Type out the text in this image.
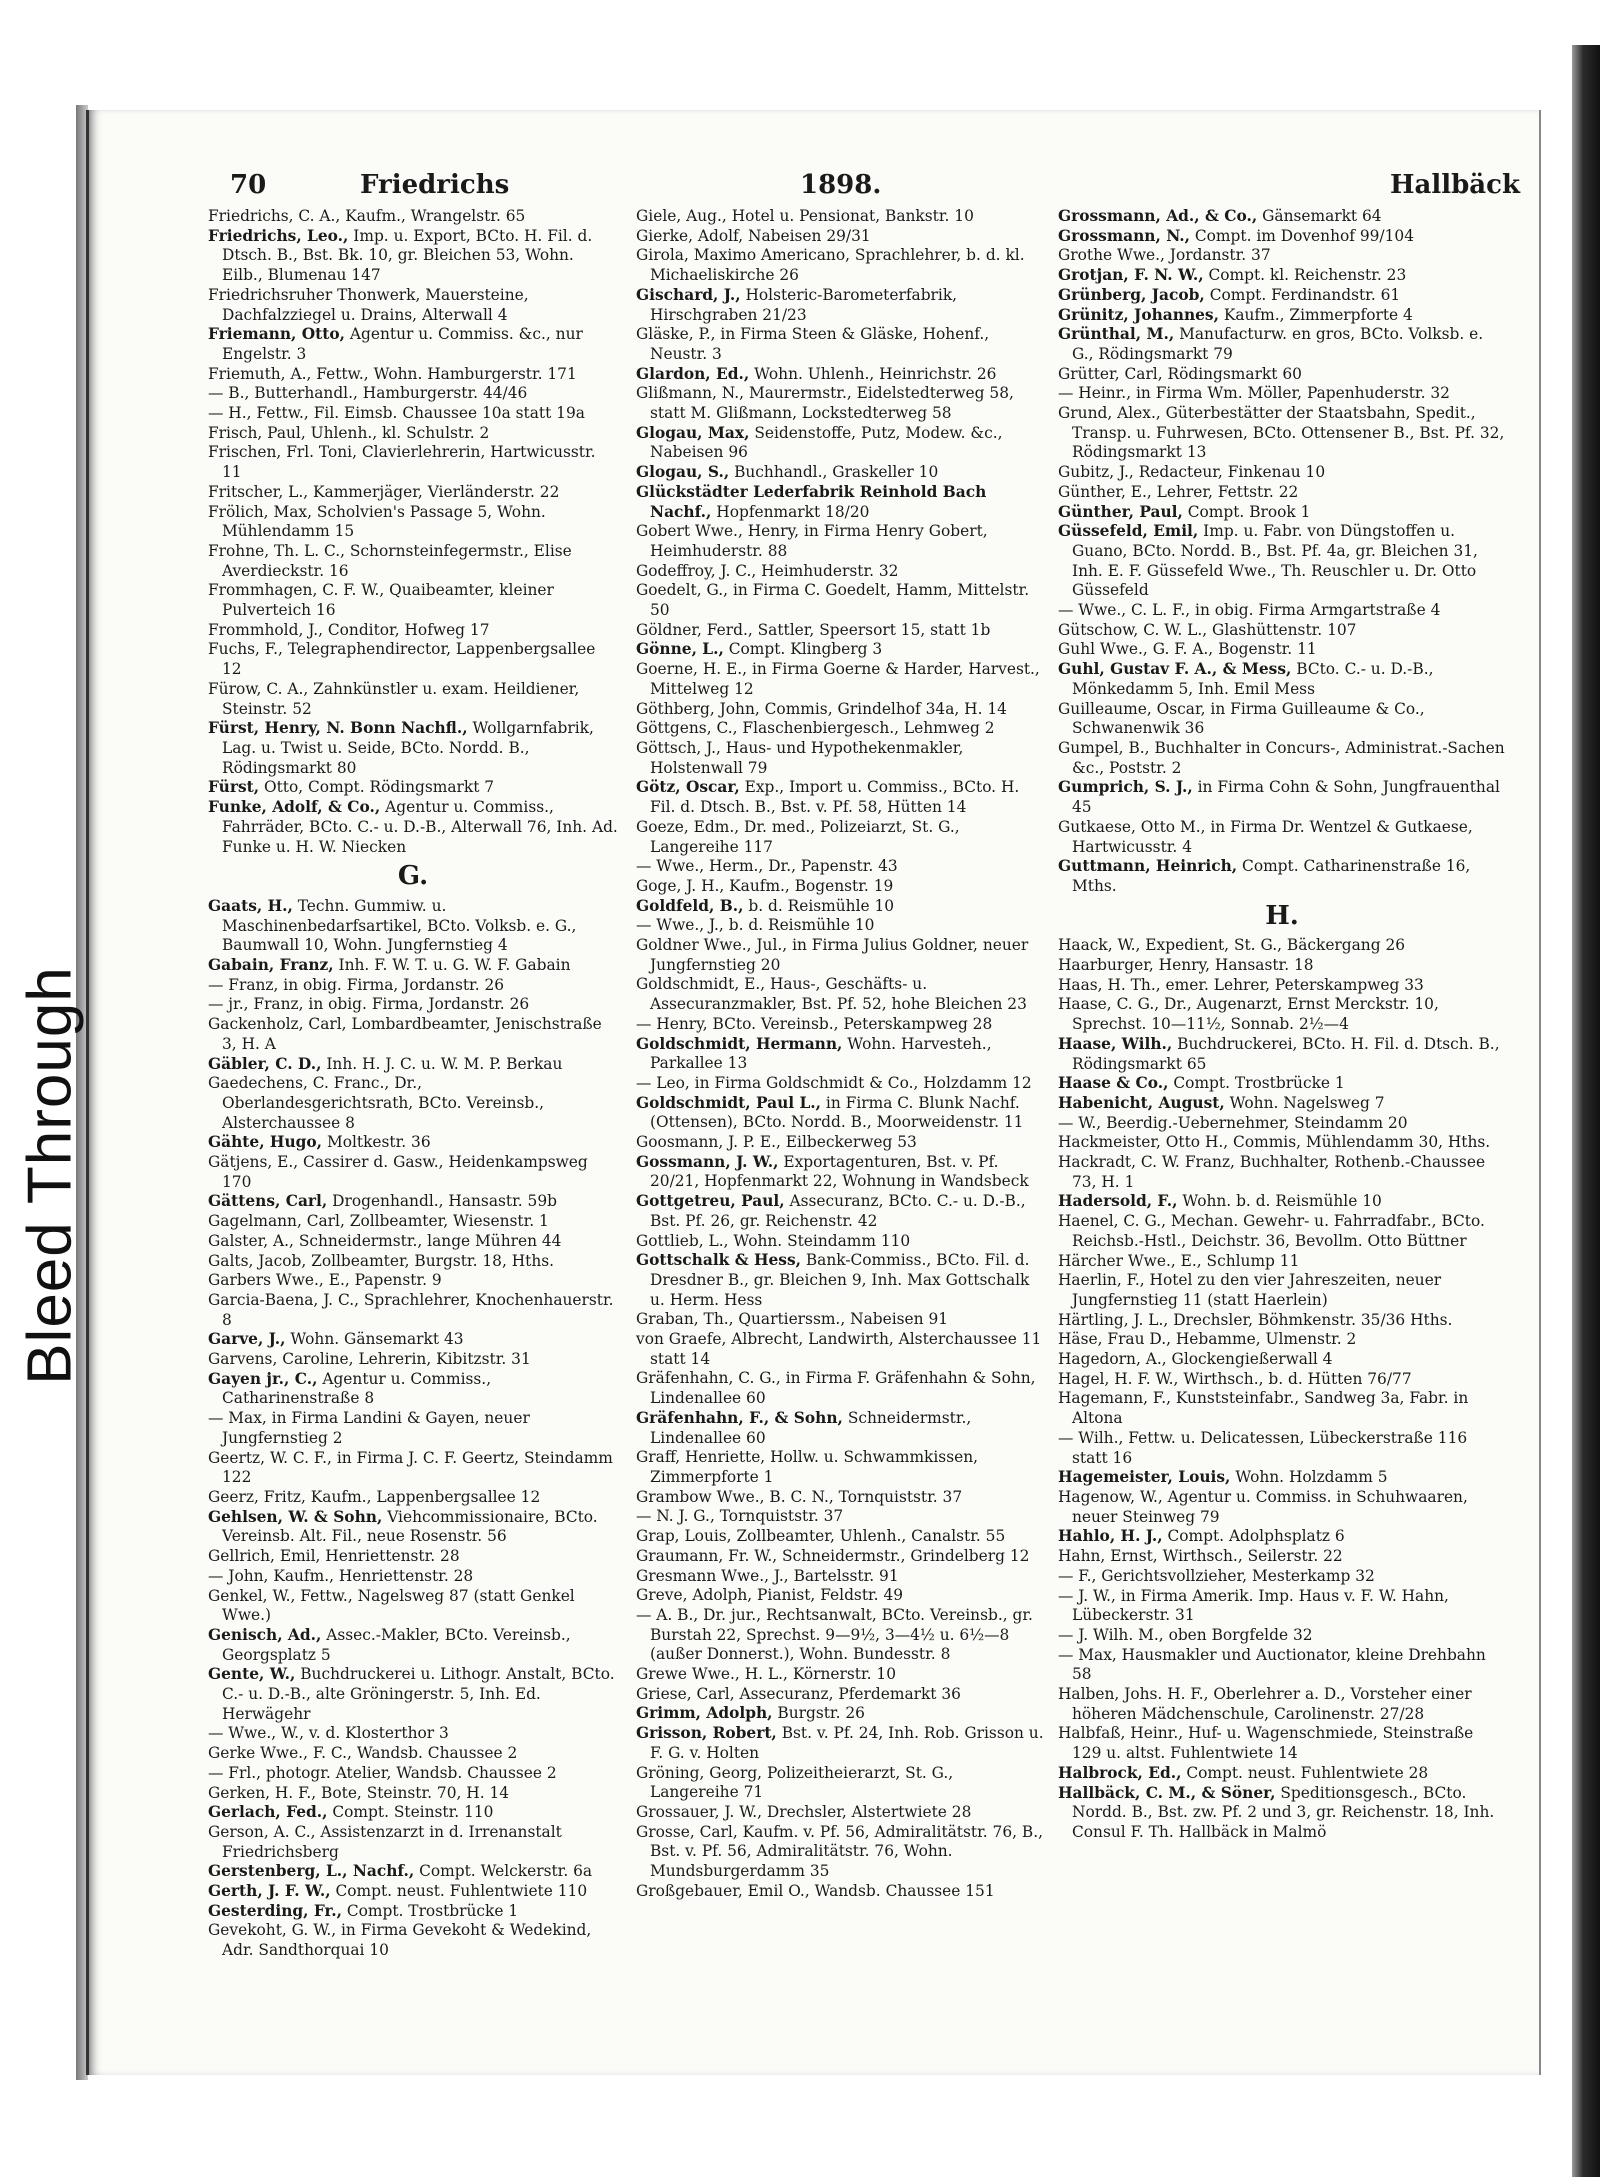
Bleed Through
70	Friedrichs	1898.	Hallbäck

Friedrichs, C. A., Kaufm., Wrangelstr. 65

Friedrichs, Leo., Imp. u. Export, BCto. H. Fil. d. Dtsch. B., Bst. Bk. 10, gr. Bleichen 53, Wohn. Eilb., Blumenau 147

Friedrichsruher Thonwerk, Mauersteine, Dachfalzziegel u. Drains, Alterwall 4

Friemann, Otto, Agentur u. Commiss. &c., nur Engelstr. 3

Friemuth, A., Fettw., Wohn. Hamburgerstr. 171

— B., Butterhandl., Hamburgerstr. 44/46

— H., Fettw., Fil. Eimsb. Chaussee 10a statt 19a

Frisch, Paul, Uhlenh., kl. Schulstr. 2

Frischen, Frl. Toni, Clavierlehrerin, Hartwicusstr. 11

Fritscher, L., Kammerjäger, Vierländerstr. 22

Frölich, Max, Scholvien's Passage 5, Wohn. Mühlendamm 15

Frohne, Th. L. C., Schornsteinfegermstr., Elise Averdieckstr. 16

Frommhagen, C. F. W., Quaibeamter, kleiner Pulverteich 16

Frommhold, J., Conditor, Hofweg 17

Fuchs, F., Telegraphendirector, Lappenbergsallee 12

Fürow, C. A., Zahnkünstler u. exam. Heildiener, Steinstr. 52

Fürst, Henry, N. Bonn Nachfl., Wollgarnfabrik, Lag. u. Twist u. Seide, BCto. Nordd. B., Rödingsmarkt 80

Fürst, Otto, Compt. Rödingsmarkt 7

Funke, Adolf, & Co., Agentur u. Commiss., Fahrräder, BCto. C.- u. D.-B., Alterwall 76, Inh. Ad. Funke u. H. W. Niecken

G.

Gaats, H., Techn. Gummiw. u. Maschinenbedarfsartikel, BCto. Volksb. e. G., Baumwall 10, Wohn. Jungfernstieg 4

Gabain, Franz, Inh. F. W. T. u. G. W. F. Gabain

— Franz, in obig. Firma, Jordanstr. 26

— jr., Franz, in obig. Firma, Jordanstr. 26

Gackenholz, Carl, Lombardbeamter, Jenischstraße 3, H. A

Gäbler, C. D., Inh. H. J. C. u. W. M. P. Berkau

Gaedechens, C. Franc., Dr., Oberlandesgerichtsrath, BCto. Vereinsb., Alsterchaussee 8

Gähte, Hugo, Moltkestr. 36

Gätjens, E., Cassirer d. Gasw., Heidenkampsweg 170

Gättens, Carl, Drogenhandl., Hansastr. 59b

Gagelmann, Carl, Zollbeamter, Wiesenstr. 1

Galster, A., Schneidermstr., lange Mühren 44

Galts, Jacob, Zollbeamter, Burgstr. 18, Hths.

Garbers Wwe., E., Papenstr. 9

Garcia-Baena, J. C., Sprachlehrer, Knochenhauerstr. 8

Garve, J., Wohn. Gänsemarkt 43

Garvens, Caroline, Lehrerin, Kibitzstr. 31

Gayen jr., C., Agentur u. Commiss., Catharinenstraße 8

— Max, in Firma Landini & Gayen, neuer Jungfernstieg 2

Geertz, W. C. F., in Firma J. C. F. Geertz, Steindamm 122

Geerz, Fritz, Kaufm., Lappenbergsallee 12

Gehlsen, W. & Sohn, Viehcommissionaire, BCto. Vereinsb. Alt. Fil., neue Rosenstr. 56

Gellrich, Emil, Henriettenstr. 28

— John, Kaufm., Henriettenstr. 28

Genkel, W., Fettw., Nagelsweg 87 (statt Genkel Wwe.)

Genisch, Ad., Assec.-Makler, BCto. Vereinsb., Georgsplatz 5

Gente, W., Buchdruckerei u. Lithogr. Anstalt, BCto. C.- u. D.-B., alte Gröningerstr. 5, Inh. Ed. Herwägehr

— Wwe., W., v. d. Klosterthor 3

Gerke Wwe., F. C., Wandsb. Chaussee 2

— Frl., photogr. Atelier, Wandsb. Chaussee 2

Gerken, H. F., Bote, Steinstr. 70, H. 14

Gerlach, Fed., Compt. Steinstr. 110

Gerson, A. C., Assistenzarzt in d. Irrenanstalt Friedrichsberg

Gerstenberg, L., Nachf., Compt. Welckerstr. 6a

Gerth, J. F. W., Compt. neust. Fuhlentwiete 110

Gesterding, Fr., Compt. Trostbrücke 1

Gevekoht, G. W., in Firma Gevekoht & Wedekind, Adr. Sandthorquai 10

Giele, Aug., Hotel u. Pensionat, Bankstr. 10

Gierke, Adolf, Nabeisen 29/31

Girola, Maximo Americano, Sprachlehrer, b. d. kl. Michaeliskirche 26

Gischard, J., Holsteric-Barometerfabrik, Hirschgraben 21/23

Gläske, P., in Firma Steen & Gläske, Hohenf., Neustr. 3

Glardon, Ed., Wohn. Uhlenh., Heinrichstr. 26

Glißmann, N., Maurermstr., Eidelstedterweg 58, statt M. Glißmann, Lockstedterweg 58

Glogau, Max, Seidenstoffe, Putz, Modew. &c., Nabeisen 96

Glogau, S., Buchhandl., Graskeller 10

Glückstädter Lederfabrik Reinhold Bach Nachf., Hopfenmarkt 18/20

Gobert Wwe., Henry, in Firma Henry Gobert, Heimhuderstr. 88

Godeffroy, J. C., Heimhuderstr. 32

Goedelt, G., in Firma C. Goedelt, Hamm, Mittelstr. 50

Göldner, Ferd., Sattler, Speersort 15, statt 1b

Gönne, L., Compt. Klingberg 3

Goerne, H. E., in Firma Goerne & Harder, Harvest., Mittelweg 12

Göthberg, John, Commis, Grindelhof 34a, H. 14

Göttgens, C., Flaschenbiergesch., Lehmweg 2

Göttsch, J., Haus- und Hypothekenmakler, Holstenwall 79

Götz, Oscar, Exp., Import u. Commiss., BCto. H. Fil. d. Dtsch. B., Bst. v. Pf. 58, Hütten 14

Goeze, Edm., Dr. med., Polizeiarzt, St. G., Langereihe 117

— Wwe., Herm., Dr., Papenstr. 43

Goge, J. H., Kaufm., Bogenstr. 19

Goldfeld, B., b. d. Reismühle 10

— Wwe., J., b. d. Reismühle 10

Goldner Wwe., Jul., in Firma Julius Goldner, neuer Jungfernstieg 20

Goldschmidt, E., Haus-, Geschäfts- u. Assecuranzmakler, Bst. Pf. 52, hohe Bleichen 23

— Henry, BCto. Vereinsb., Peterskampweg 28

Goldschmidt, Hermann, Wohn. Harvesteh., Parkallee 13

— Leo, in Firma Goldschmidt & Co., Holzdamm 12

Goldschmidt, Paul L., in Firma C. Blunk Nachf. (Ottensen), BCto. Nordd. B., Moorweidenstr. 11

Goosmann, J. P. E., Eilbeckerweg 53

Gossmann, J. W., Exportagenturen, Bst. v. Pf. 20/21, Hopfenmarkt 22, Wohnung in Wandsbeck

Gottgetreu, Paul, Assecuranz, BCto. C.- u. D.-B., Bst. Pf. 26, gr. Reichenstr. 42

Gottlieb, L., Wohn. Steindamm 110

Gottschalk & Hess, Bank-Commiss., BCto. Fil. d. Dresdner B., gr. Bleichen 9, Inh. Max Gottschalk u. Herm. Hess

Graban, Th., Quartierssm., Nabeisen 91

von Graefe, Albrecht, Landwirth, Alsterchaussee 11 statt 14

Gräfenhahn, C. G., in Firma F. Gräfenhahn & Sohn, Lindenallee 60

Gräfenhahn, F., & Sohn, Schneidermstr., Lindenallee 60

Graff, Henriette, Hollw. u. Schwammkissen, Zimmerpforte 1

Grambow Wwe., B. C. N., Tornquiststr. 37

— N. J. G., Tornquiststr. 37

Grap, Louis, Zollbeamter, Uhlenh., Canalstr. 55

Graumann, Fr. W., Schneidermstr., Grindelberg 12

Gresmann Wwe., J., Bartelsstr. 91

Greve, Adolph, Pianist, Feldstr. 49

— A. B., Dr. jur., Rechtsanwalt, BCto. Vereinsb., gr. Burstah 22, Sprechst. 9—9½, 3—4½ u. 6½—8 (außer Donnerst.), Wohn. Bundesstr. 8

Grewe Wwe., H. L., Körnerstr. 10

Griese, Carl, Assecuranz, Pferdemarkt 36

Grimm, Adolph, Burgstr. 26

Grisson, Robert, Bst. v. Pf. 24, Inh. Rob. Grisson u. F. G. v. Holten

Gröning, Georg, Polizeitheierarzt, St. G., Langereihe 71

Grossauer, J. W., Drechsler, Alstertwiete 28

Grosse, Carl, Kaufm. v. Pf. 56, Admiralitätstr. 76, B., Bst. v. Pf. 56, Admiralitätstr. 76, Wohn. Mundsburgerdamm 35

Großgebauer, Emil O., Wandsb. Chaussee 151

Grossmann, Ad., & Co., Gänsemarkt 64

Grossmann, N., Compt. im Dovenhof 99/104

Grothe Wwe., Jordanstr. 37

Grotjan, F. N. W., Compt. kl. Reichenstr. 23

Grünberg, Jacob, Compt. Ferdinandstr. 61

Grünitz, Johannes, Kaufm., Zimmerpforte 4

Grünthal, M., Manufacturw. en gros, BCto. Volksb. e. G., Rödingsmarkt 79

Grütter, Carl, Rödingsmarkt 60

— Heinr., in Firma Wm. Möller, Papenhuderstr. 32

Grund, Alex., Güterbestätter der Staatsbahn, Spedit., Transp. u. Fuhrwesen, BCto. Ottensener B., Bst. Pf. 32, Rödingsmarkt 13

Gubitz, J., Redacteur, Finkenau 10

Günther, E., Lehrer, Fettstr. 22

Günther, Paul, Compt. Brook 1

Güssefeld, Emil, Imp. u. Fabr. von Düngstoffen u. Guano, BCto. Nordd. B., Bst. Pf. 4a, gr. Bleichen 31, Inh. E. F. Güssefeld Wwe., Th. Reuschler u. Dr. Otto Güssefeld

— Wwe., C. L. F., in obig. Firma Armgartstraße 4

Gütschow, C. W. L., Glashüttenstr. 107

Guhl Wwe., G. F. A., Bogenstr. 11

Guhl, Gustav F. A., & Mess, BCto. C.- u. D.-B., Mönkedamm 5, Inh. Emil Mess

Guilleaume, Oscar, in Firma Guilleaume & Co., Schwanenwik 36

Gumpel, B., Buchhalter in Concurs-, Administrat.-Sachen &c., Poststr. 2

Gumprich, S. J., in Firma Cohn & Sohn, Jungfrauenthal 45

Gutkaese, Otto M., in Firma Dr. Wentzel & Gutkaese, Hartwicusstr. 4

Guttmann, Heinrich, Compt. Catharinenstraße 16, Mths.

H.

Haack, W., Expedient, St. G., Bäckergang 26

Haarburger, Henry, Hansastr. 18

Haas, H. Th., emer. Lehrer, Peterskampweg 33

Haase, C. G., Dr., Augenarzt, Ernst Merckstr. 10, Sprechst. 10—11½, Sonnab. 2½—4

Haase, Wilh., Buchdruckerei, BCto. H. Fil. d. Dtsch. B., Rödingsmarkt 65

Haase & Co., Compt. Trostbrücke 1

Habenicht, August, Wohn. Nagelsweg 7

— W., Beerdig.-Uebernehmer, Steindamm 20

Hackmeister, Otto H., Commis, Mühlendamm 30, Hths.

Hackradt, C. W. Franz, Buchhalter, Rothenb.-Chaussee 73, H. 1

Hadersold, F., Wohn. b. d. Reismühle 10

Haenel, C. G., Mechan. Gewehr- u. Fahrradfabr., BCto. Reichsb.-Hstl., Deichstr. 36, Bevollm. Otto Büttner

Härcher Wwe., E., Schlump 11

Haerlin, F., Hotel zu den vier Jahreszeiten, neuer Jungfernstieg 11 (statt Haerlein)

Härtling, J. L., Drechsler, Böhmkenstr. 35/36 Hths.

Häse, Frau D., Hebamme, Ulmenstr. 2

Hagedorn, A., Glockengießerwall 4

Hagel, H. F. W., Wirthsch., b. d. Hütten 76/77

Hagemann, F., Kunststeinfabr., Sandweg 3a, Fabr. in Altona

— Wilh., Fettw. u. Delicatessen, Lübeckerstraße 116 statt 16

Hagemeister, Louis, Wohn. Holzdamm 5

Hagenow, W., Agentur u. Commiss. in Schuhwaaren, neuer Steinweg 79

Hahlo, H. J., Compt. Adolphsplatz 6

Hahn, Ernst, Wirthsch., Seilerstr. 22

— F., Gerichtsvollzieher, Mesterkamp 32

— J. W., in Firma Amerik. Imp. Haus v. F. W. Hahn, Lübeckerstr. 31

— J. Wilh. M., oben Borgfelde 32

— Max, Hausmakler und Auctionator, kleine Drehbahn 58

Halben, Johs. H. F., Oberlehrer a. D., Vorsteher einer höheren Mädchenschule, Carolinenstr. 27/28

Halbfaß, Heinr., Huf- u. Wagenschmiede, Steinstraße 129 u. altst. Fuhlentwiete 14

Halbrock, Ed., Compt. neust. Fuhlentwiete 28

Hallbäck, C. M., & Söner, Speditionsgesch., BCto. Nordd. B., Bst. zw. Pf. 2 und 3, gr. Reichenstr. 18, Inh. Consul F. Th. Hallbäck in Malmö
